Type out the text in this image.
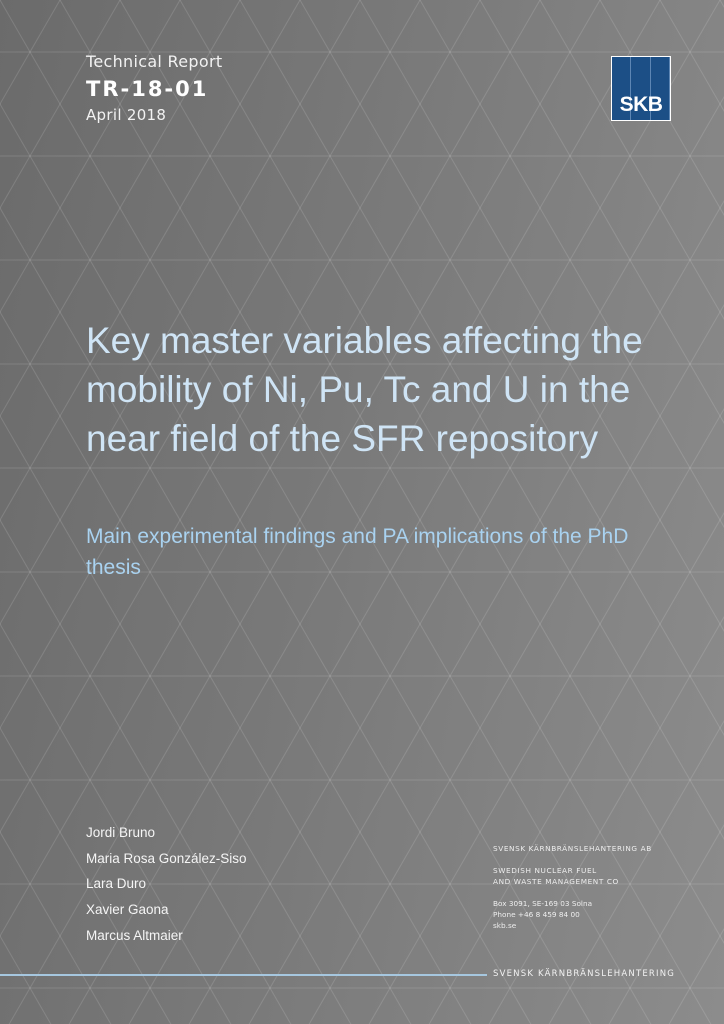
Technical Report
TR-18-01
April 2018	SKB
Key master variables affecting the mobility of Ni, Pu, Tc and U in the near field of the SFR repository
Main experimental findings and PA implications of the PhD thesis
Jordi Bruno
Maria Rosa González-Siso
Lara Duro
Xavier Gaona
Marcus Altmaier
SVENSK KÄRNBRÄNSLEHANTERING AB
SWEDISH NUCLEAR FUEL
AND WASTE MANAGEMENT CO
Box 3091, SE-169 03 Solna
Phone +46 8 459 84 00
skb.se
SVENSK KÄRNBRÄNSLEHANTERING
